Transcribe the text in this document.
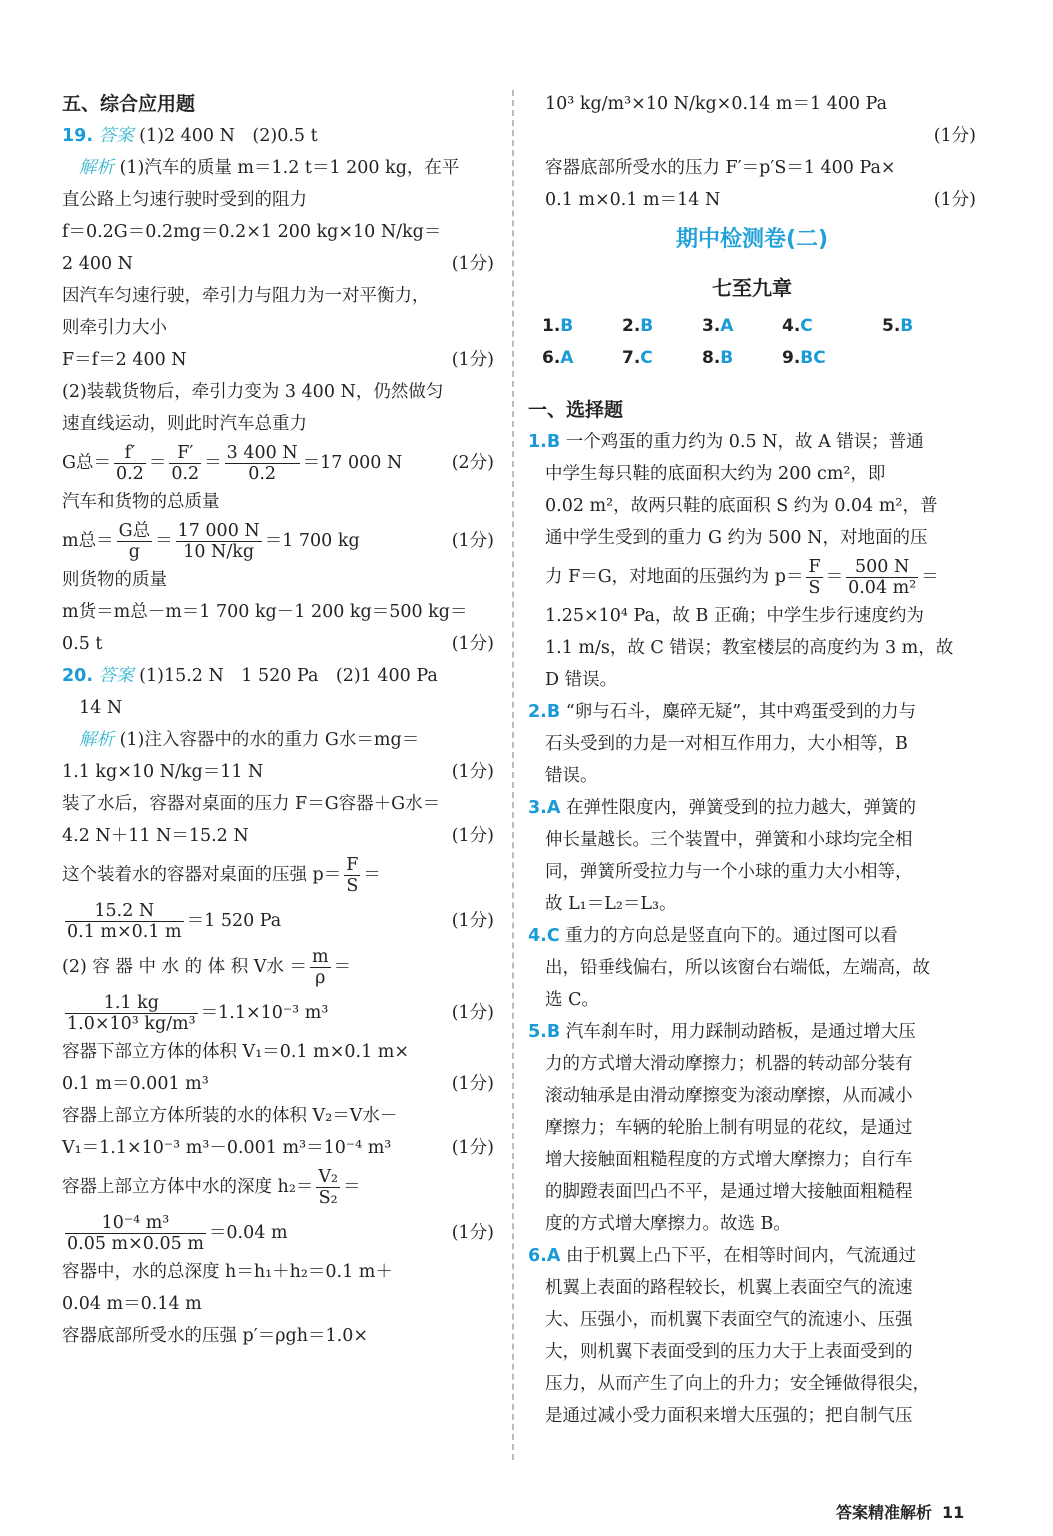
五、综合应用题
19. 答案 (1)2 400 N　(2)0.5 t
解析 (1)汽车的质量 m＝1.2 t＝1 200 kg，在平
直公路上匀速行驶时受到的阻力
f＝0.2G＝0.2mg＝0.2×1 200 kg×10 N/kg＝
2 400 N	(1分)
因汽车匀速行驶，牵引力与阻力为一对平衡力，
则牵引力大小
F＝f＝2 400 N	(1分)
(2)装载货物后，牵引力变为 3 400 N，仍然做匀
速直线运动，则此时汽车总重力
G总＝ $\frac{f'}{0.2} = \frac{F'}{0.2} = \frac{3 400 N}{0.2} =17$ 000 N	(2分)
汽车和货物的总质量
m总＝ $\frac{\text{G总}}{g} = \frac{17 000 N}{10 N/kg} =1$ 700 kg	(1分)
则货物的质量
m货＝m总－m＝1 700 kg－1 200 kg＝500 kg＝
0.5 t	(1分)
20. 答案 (1)15.2 N　1 520 Pa　(2)1 400 Pa
14 N
解析 (1)注入容器中的水的重力 G水＝mg＝
1.1 kg×10 N/kg＝11 N	(1分)
装了水后，容器对桌面的压力 F＝G容器＋G水＝
4.2 N＋11 N＝15.2 N	(1分)
这个装着水的容器对桌面的压强 $p= \frac{F}{S}$ ＝
$\frac{15.2 N}{0.1 m\times 0.1 m} =1$ 520 Pa	(1分)
(2) 容 器 中 水 的 体 积 V水 ＝ $\frac{m}{\rho}$ ＝
$\frac{1.1 kg}{\text{1.0×10³ kg/m³}} =1.1\times 10^{-3}$ m³	(1分)
容器下部立方体的体积 V₁＝0.1 m×0.1 m×
0.1 m＝0.001 m³	(1分)
容器上部立方体所装的水的体积 V₂＝V水－
V₁＝1.1×10⁻³ m³－0.001 m³＝10⁻⁴ m³	(1分)
容器上部立方体中水的深度 $h_2= \frac{\text{V₂}}{\text{S₂}}$ ＝
$\frac{\text{10⁻⁴ m³}}{0.05 m\times 0.05 m} =0.04$ m	(1分)
容器中，水的总深度 h＝h₁＋h₂＝0.1 m＋
0.04 m＝0.14 m
容器底部所受水的压强 p′＝ρgh＝1.0×
10³ kg/m³×10 N/kg×0.14 m＝1 400 Pa
(1分)
容器底部所受水的压力 F′＝p′S＝1 400 Pa×
0.1 m×0.1 m＝14 N	(1分)
期中检测卷(二)
七至九章
1.B	2.B	3.A	4.C	5.B
6.A	7.C	8.B	9.BC
一、选择题
1.B 一个鸡蛋的重力约为 0.5 N，故 A 错误；普通
中学生每只鞋的底面积大约为 200 cm²，即
0.02 m²，故两只鞋的底面积 S 约为 0.04 m²，普
通中学生受到的重力 G 约为 500 N，对地面的压
力 F＝G，对地面的压强约为 $p= \frac{F}{S} = \frac{500 N}{\text{0.04 m²}}$ ＝
1.25×10⁴ Pa，故 B 正确；中学生步行速度约为
1.1 m/s，故 C 错误；教室楼层的高度约为 3 m，故
D 错误。
2.B “卵与石斗，麋碎无疑”，其中鸡蛋受到的力与
石头受到的力是一对相互作用力，大小相等，B
错误。
3.A 在弹性限度内，弹簧受到的拉力越大，弹簧的
伸长量越长。三个装置中，弹簧和小球均完全相
同，弹簧所受拉力与一个小球的重力大小相等，
故 L₁＝L₂＝L₃。
4.C 重力的方向总是竖直向下的。通过图可以看
出，铅垂线偏右，所以该窗台右端低，左端高，故
选 C。
5.B 汽车刹车时，用力踩制动踏板，是通过增大压
力的方式增大滑动摩擦力；机器的转动部分装有
滚动轴承是由滑动摩擦变为滚动摩擦，从而减小
摩擦力；车辆的轮胎上制有明显的花纹，是通过
增大接触面粗糙程度的方式增大摩擦力；自行车
的脚蹬表面凹凸不平，是通过增大接触面粗糙程
度的方式增大摩擦力。故选 B。
6.A 由于机翼上凸下平，在相等时间内，气流通过
机翼上表面的路程较长，机翼上表面空气的流速
大、压强小，而机翼下表面空气的流速小、压强
大，则机翼下表面受到的压力大于上表面受到的
压力，从而产生了向上的升力；安全锤做得很尖，
是通过减小受力面积来增大压强的；把自制气压
答案精准解析 11
